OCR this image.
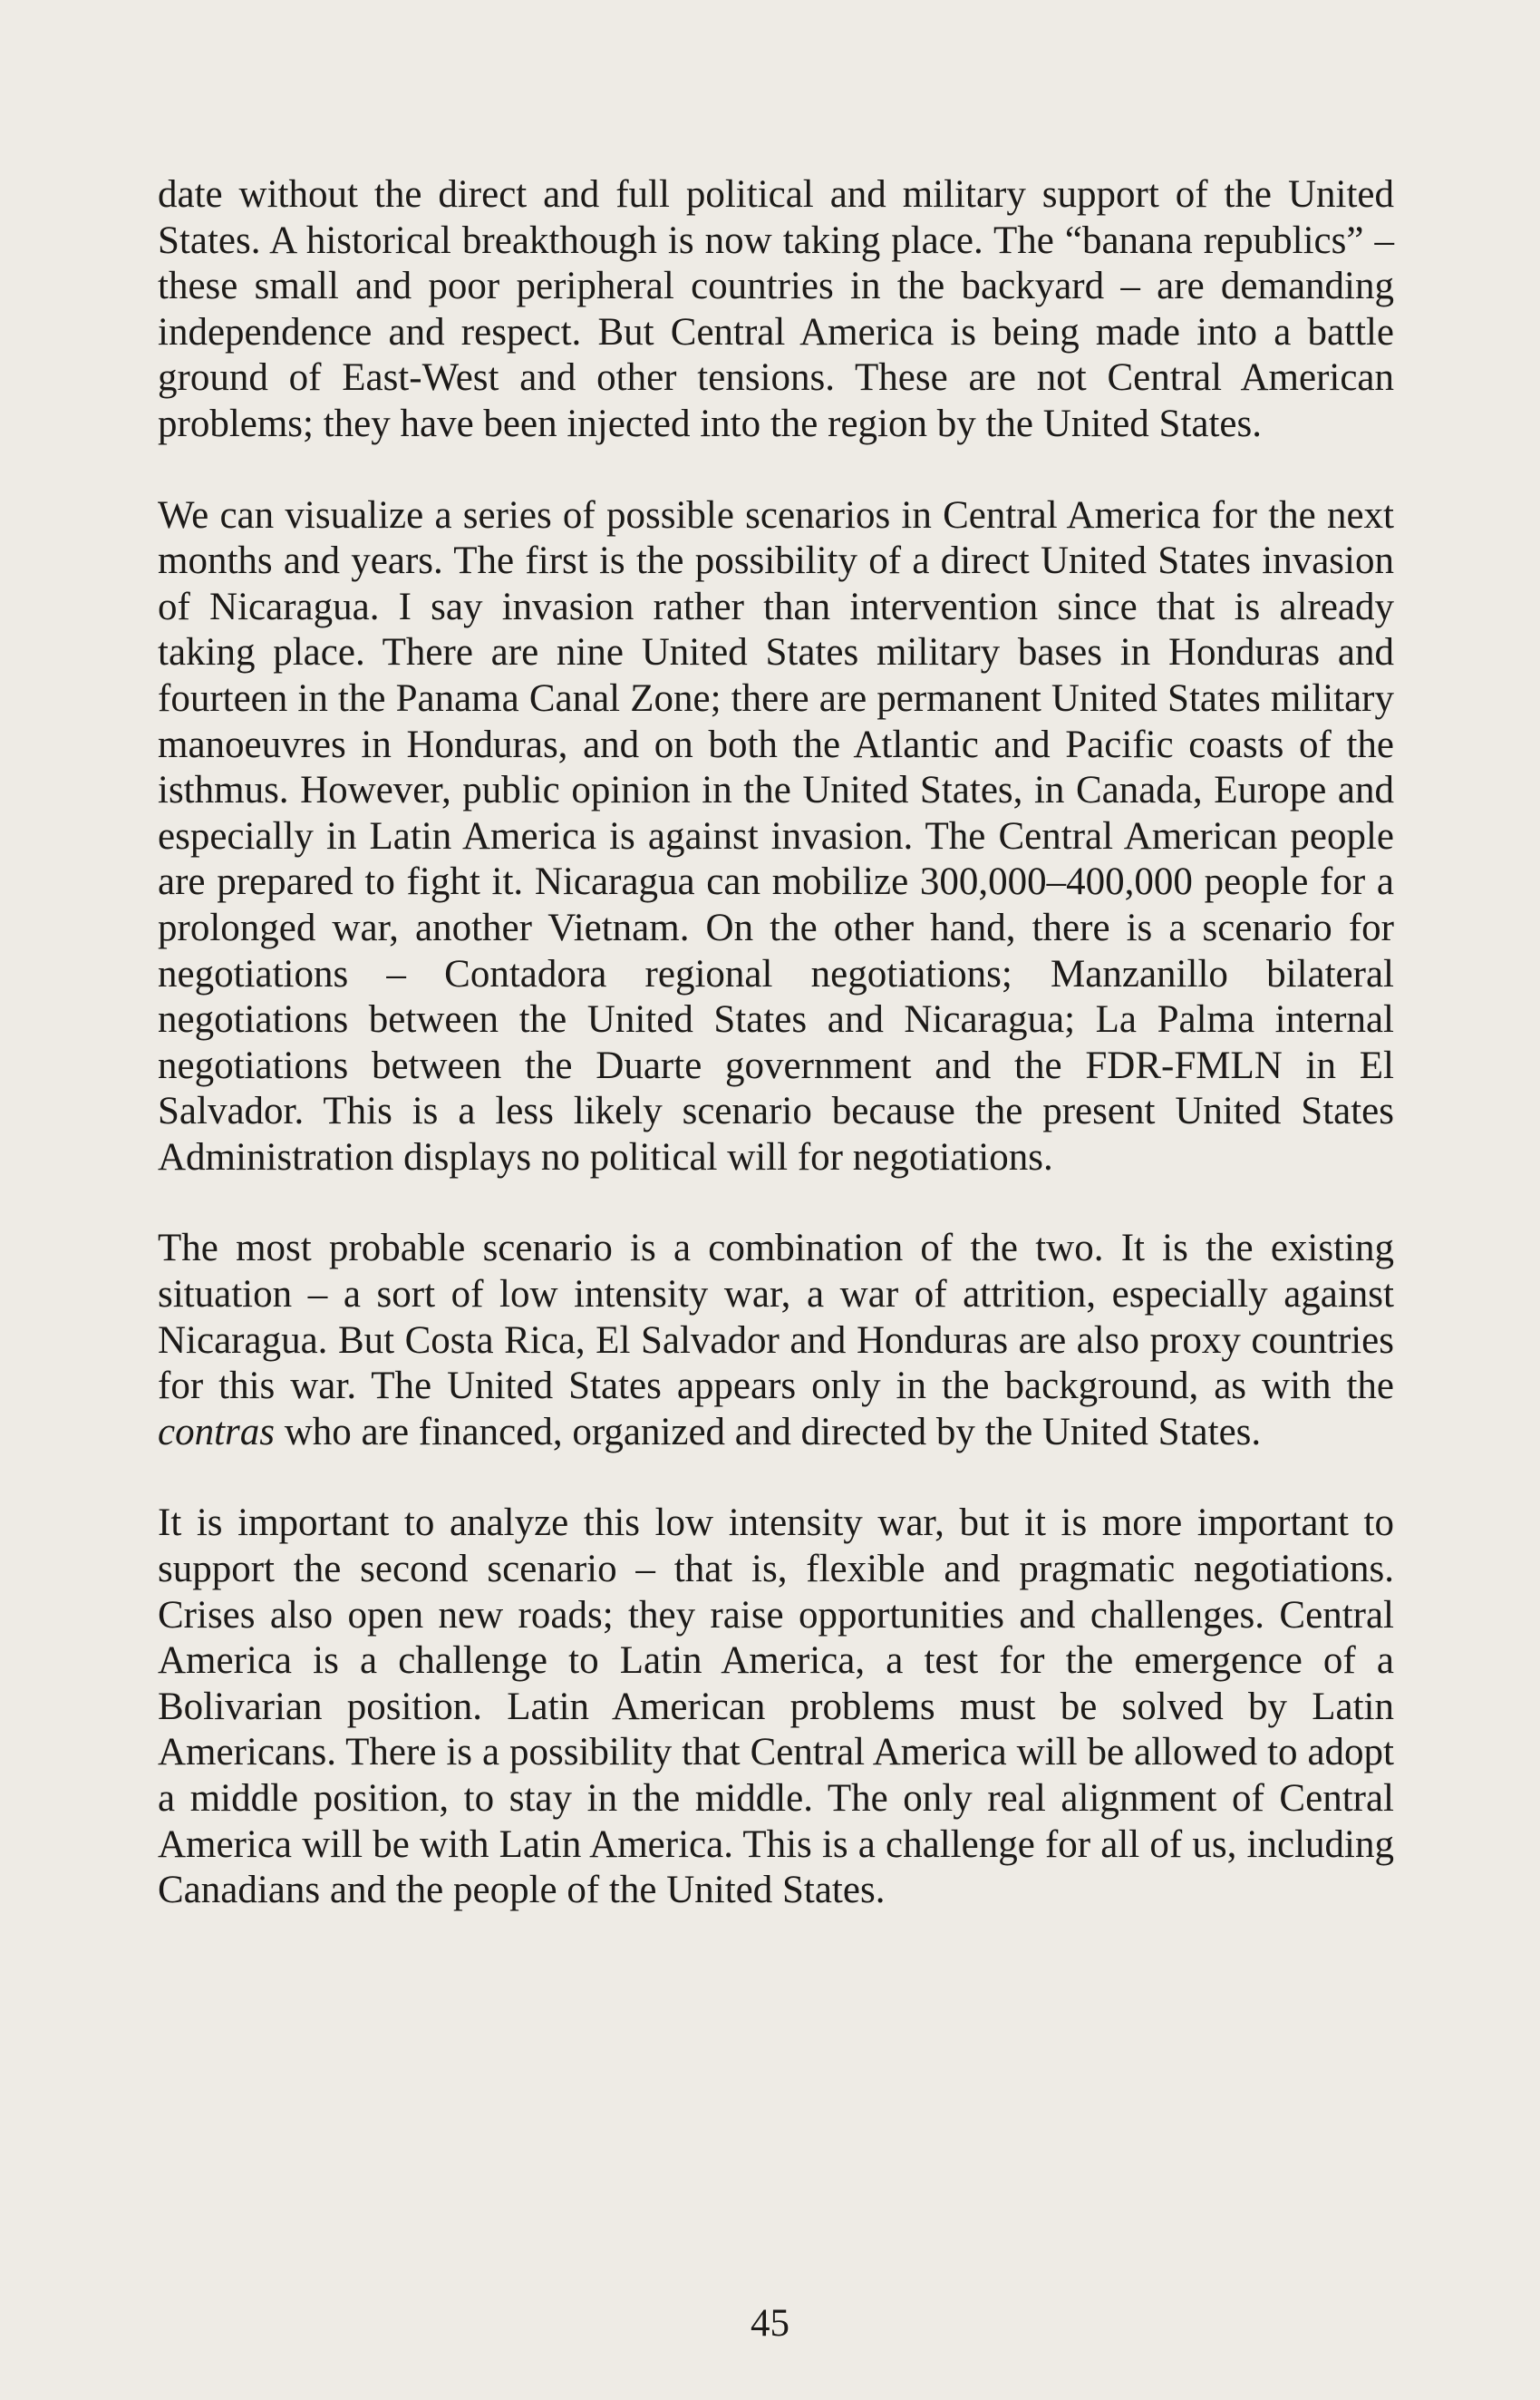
date without the direct and full political and military support of the United States. A historical breakthough is now taking place. The “banana republics” – these small and poor peripheral countries in the backyard – are demanding independence and respect. But Central America is being made into a battle ground of East-West and other tensions. These are not Central American problems; they have been injected into the region by the United States.

We can visualize a series of possible scenarios in Central America for the next months and years. The first is the possibility of a direct United States invasion of Nicaragua. I say invasion rather than intervention since that is already taking place. There are nine United States military bases in Honduras and fourteen in the Panama Canal Zone; there are permanent United States military manoeuvres in Honduras, and on both the Atlantic and Pacific coasts of the isthmus. However, public opinion in the United States, in Canada, Europe and especially in Latin America is against invasion. The Central American people are prepared to fight it. Nicaragua can mobilize 300,000–400,000 people for a prolonged war, another Vietnam. On the other hand, there is a scenario for negotiations – Contadora regional negotiations; Manzanillo bilateral negotiations between the United States and Nicaragua; La Palma internal negotiations between the Duarte government and the FDR-FMLN in El Salvador. This is a less likely scenario because the present United States Administration displays no political will for negotiations.

The most probable scenario is a combination of the two. It is the existing situation – a sort of low intensity war, a war of attrition, especially against Nicaragua. But Costa Rica, El Salvador and Honduras are also proxy countries for this war. The United States appears only in the background, as with the contras who are financed, organized and directed by the United States.

It is important to analyze this low intensity war, but it is more important to support the second scenario – that is, flexible and pragmatic negotiations. Crises also open new roads; they raise opportunities and challenges. Central America is a challenge to Latin America, a test for the emergence of a Bolivarian position. Latin American problems must be solved by Latin Americans. There is a possibility that Central America will be allowed to adopt a middle position, to stay in the middle. The only real alignment of Central America will be with Latin America. This is a challenge for all of us, including Canadians and the people of the United States.

45
